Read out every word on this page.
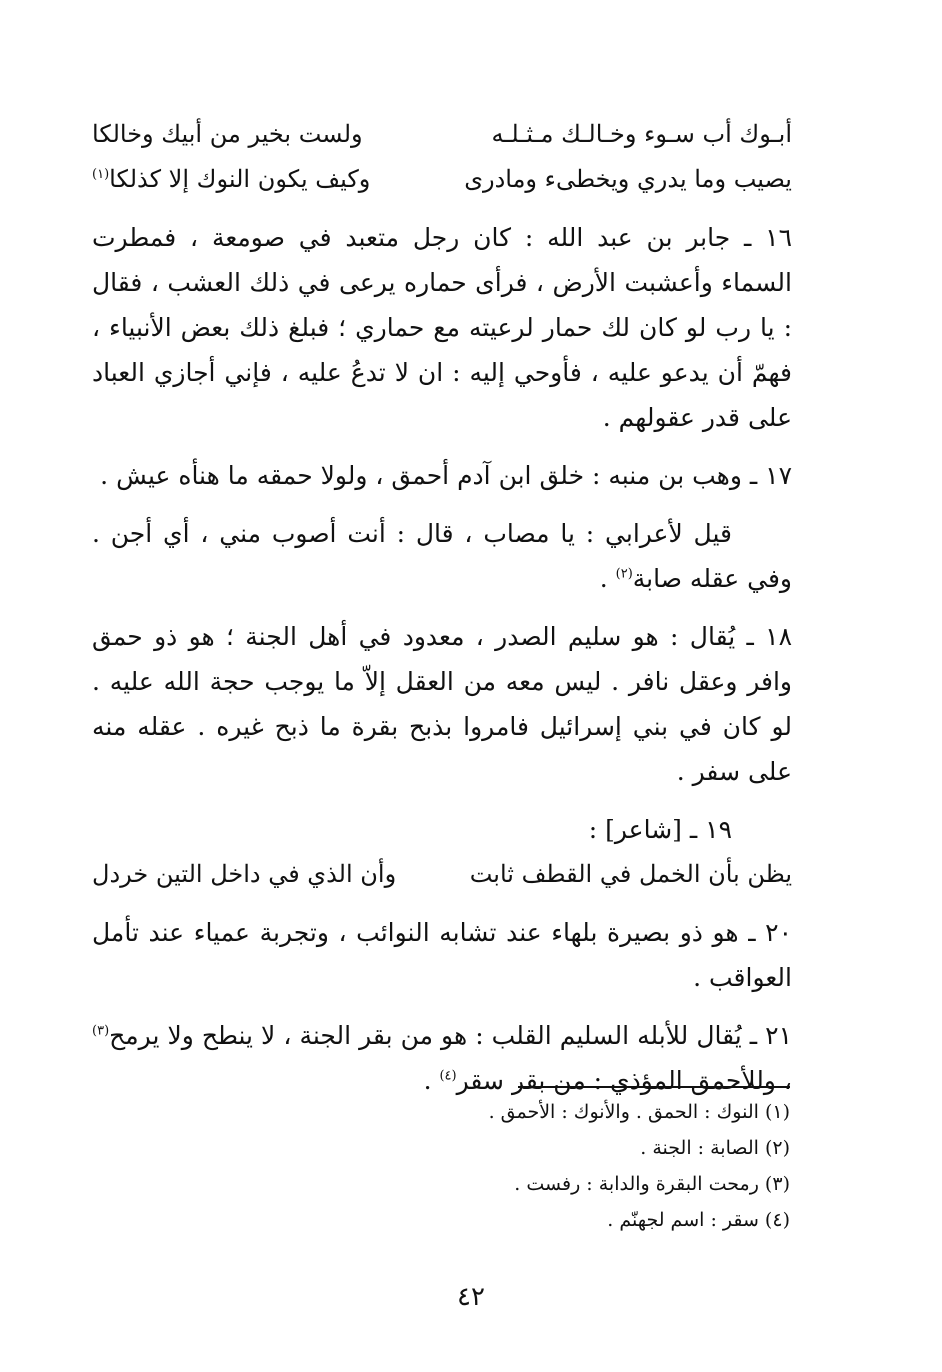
أبـوك أب سـوء وخـالـك مـثـلـه
ولست بخير من أبيك وخالكا
يصيب وما يدري ويخطىء ومادرى
وكيف يكون النوك إلا كذلكا$^{(١)}$

١٦ ـ جابر بن عبد الله : كان رجل متعبد في صومعة ، فمطرت السماء وأعشبت الأرض ، فرأى حماره يرعى في ذلك العشب ، فقال : يا رب لو كان لك حمار لرعيته مع حماري ؛ فبلغ ذلك بعض الأنبياء ، فهمّ أن يدعو عليه ، فأوحي إليه : ان لا تدعُ عليه ، فإني أجازي العباد على قدر عقولهم .

١٧ ـ وهب بن منبه : خلق ابن آدم أحمق ، ولولا حمقه ما هنأه عيش .

قيل لأعرابي : يا مصاب ، قال : أنت أصوب مني ، أي أجن . وفي عقله صابة$^{(٢)}$ .

١٨ ـ يُقال : هو سليم الصدر ، معدود في أهل الجنة ؛ هو ذو حمق وافر وعقل نافر . ليس معه من العقل إلاّ ما يوجب حجة الله عليه . لو كان في بني إسرائيل فامروا بذبح بقرة ما ذبح غيره . عقله منه على سفر .

١٩ ـ [شاعر] :

يظن بأن الخمل في القطف ثابت
وأن الذي في داخل التين خردل

٢٠ ـ هو ذو بصيرة بلهاء عند تشابه النوائب ، وتجربة عمياء عند تأمل العواقب .

٢١ ـ يُقال للأبله السليم القلب : هو من بقر الجنة ، لا ينطح ولا يرمح$^{(٣)}$ ، وللأحمق المؤذي : من بقر سقر$^{(٤)}$ .

(١) النوك : الحمق . والأنوك : الأحمق .

(٢) الصابة : الجنة .

(٣) رمحت البقرة والدابة : رفست .

(٤) سقر : اسم لجهنّم .

٤٢
